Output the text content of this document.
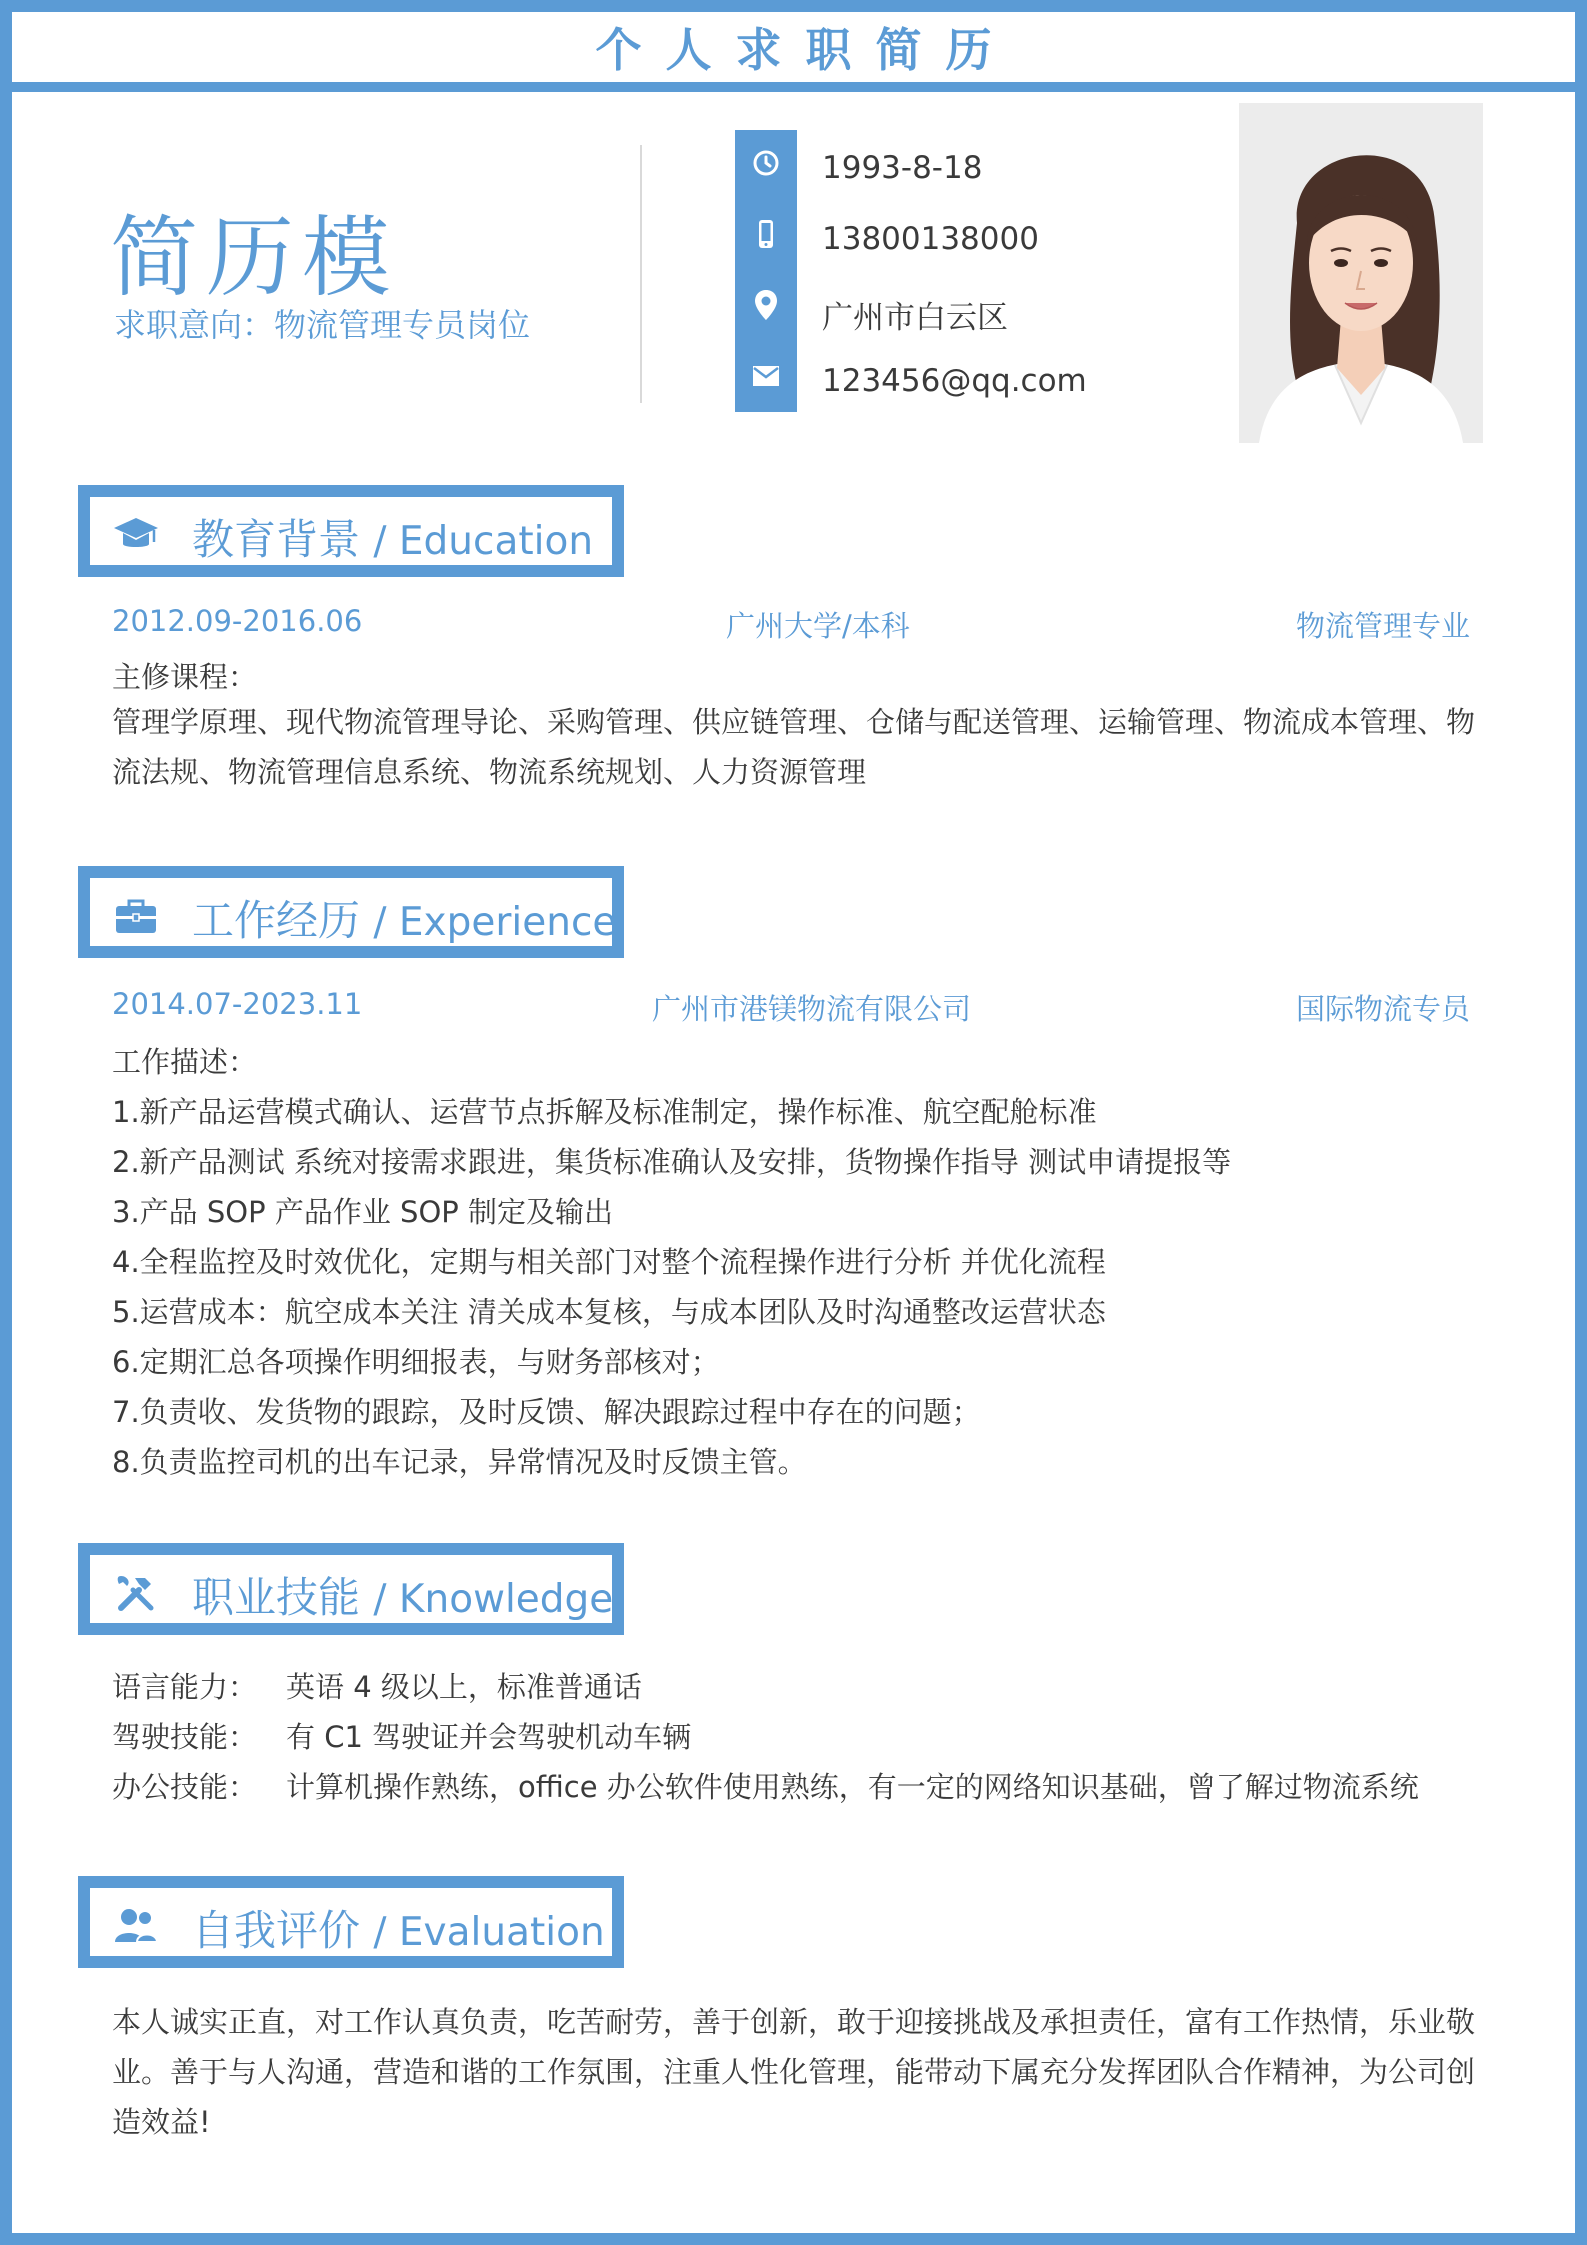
个人求职简历
简历模
求职意向：物流管理专员岗位
1993-8-18
13800138000
广州市白云区
123456@qq.com
教育背景 / Education
2012.09-2016.06	广州大学/本科	物流管理专业
主修课程：
管理学原理、现代物流管理导论、采购管理、供应链管理、仓储与配送管理、运输管理、物流成本管理、物流法规、物流管理信息系统、物流系统规划、人力资源管理
工作经历 / Experience
2014.07-2023.11	广州市港镁物流有限公司	国际物流专员
工作描述：
1.新产品运营模式确认、运营节点拆解及标准制定，操作标准、航空配舱标准
2.新产品测试 系统对接需求跟进，集货标准确认及安排，货物操作指导 测试申请提报等
3.产品 SOP 产品作业 SOP 制定及输出
4.全程监控及时效优化，定期与相关部门对整个流程操作进行分析 并优化流程
5.运营成本：航空成本关注 清关成本复核，与成本团队及时沟通整改运营状态
6.定期汇总各项操作明细报表，与财务部核对；
7.负责收、发货物的跟踪，及时反馈、解决跟踪过程中存在的问题；
8.负责监控司机的出车记录，异常情况及时反馈主管。
职业技能 / Knowledge
语言能力： 英语 4 级以上，标准普通话
驾驶技能： 有 C1 驾驶证并会驾驶机动车辆
办公技能： 计算机操作熟练，office 办公软件使用熟练，有一定的网络知识基础，曾了解过物流系统
自我评价 / Evaluation
本人诚实正直，对工作认真负责，吃苦耐劳，善于创新，敢于迎接挑战及承担责任，富有工作热情，乐业敬业。善于与人沟通，营造和谐的工作氛围，注重人性化管理，能带动下属充分发挥团队合作精神，为公司创造效益!
